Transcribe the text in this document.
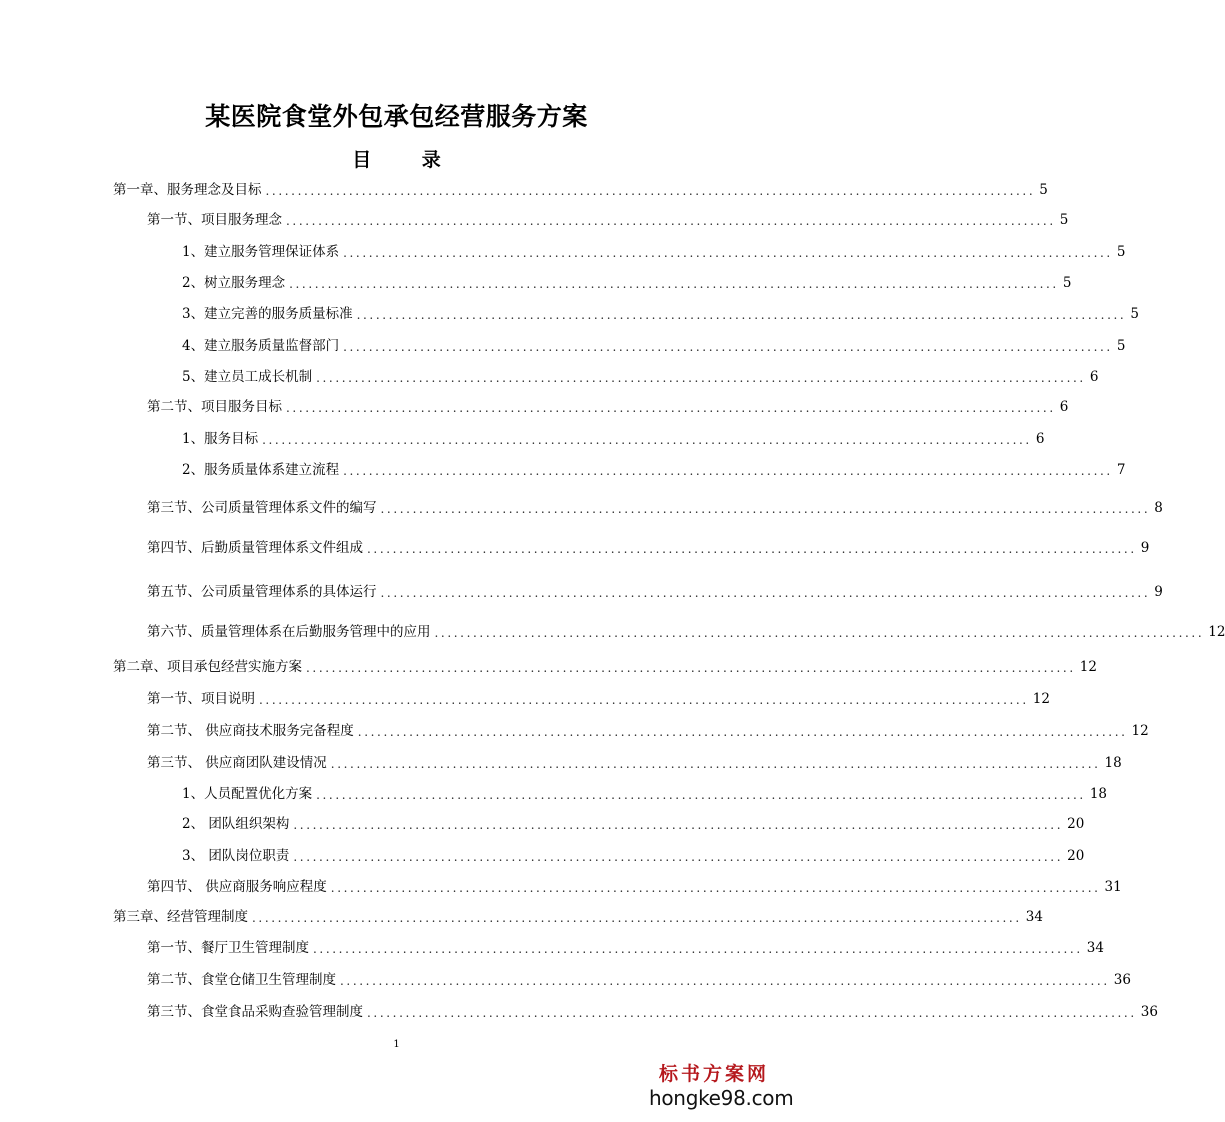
某医院食堂外包承包经营服务方案
目 录
第一章、服务理念及目标 ........................................................................................................................ 5
第一节、项目服务理念 ........................................................................................................................ 5
1、建立服务管理保证体系 ........................................................................................................................ 5
2、树立服务理念 ........................................................................................................................ 5
3、建立完善的服务质量标准 ........................................................................................................................ 5
4、建立服务质量监督部门 ........................................................................................................................ 5
5、建立员工成长机制 ........................................................................................................................ 6
第二节、项目服务目标 ........................................................................................................................ 6
1、服务目标 ........................................................................................................................ 6
2、服务质量体系建立流程 ........................................................................................................................ 7
第三节、公司质量管理体系文件的编写 ........................................................................................................................ 8
第四节、后勤质量管理体系文件组成 ........................................................................................................................ 9
第五节、公司质量管理体系的具体运行 ........................................................................................................................ 9
第六节、质量管理体系在后勤服务管理中的应用 ........................................................................................................................ 12
第二章、项目承包经营实施方案 ........................................................................................................................ 12
第一节、项目说明 ........................................................................................................................ 12
第二节、 供应商技术服务完备程度 ........................................................................................................................ 12
第三节、 供应商团队建设情况 ........................................................................................................................ 18
1、人员配置优化方案 ........................................................................................................................ 18
2、 团队组织架构 ........................................................................................................................ 20
3、 团队岗位职责 ........................................................................................................................ 20
第四节、 供应商服务响应程度 ........................................................................................................................ 31
第三章、经营管理制度 ........................................................................................................................ 34
第一节、餐厅卫生管理制度 ........................................................................................................................ 34
第二节、食堂仓储卫生管理制度 ........................................................................................................................ 36
第三节、食堂食品采购查验管理制度 ........................................................................................................................ 36
1
标书方案网
hongke98.com
